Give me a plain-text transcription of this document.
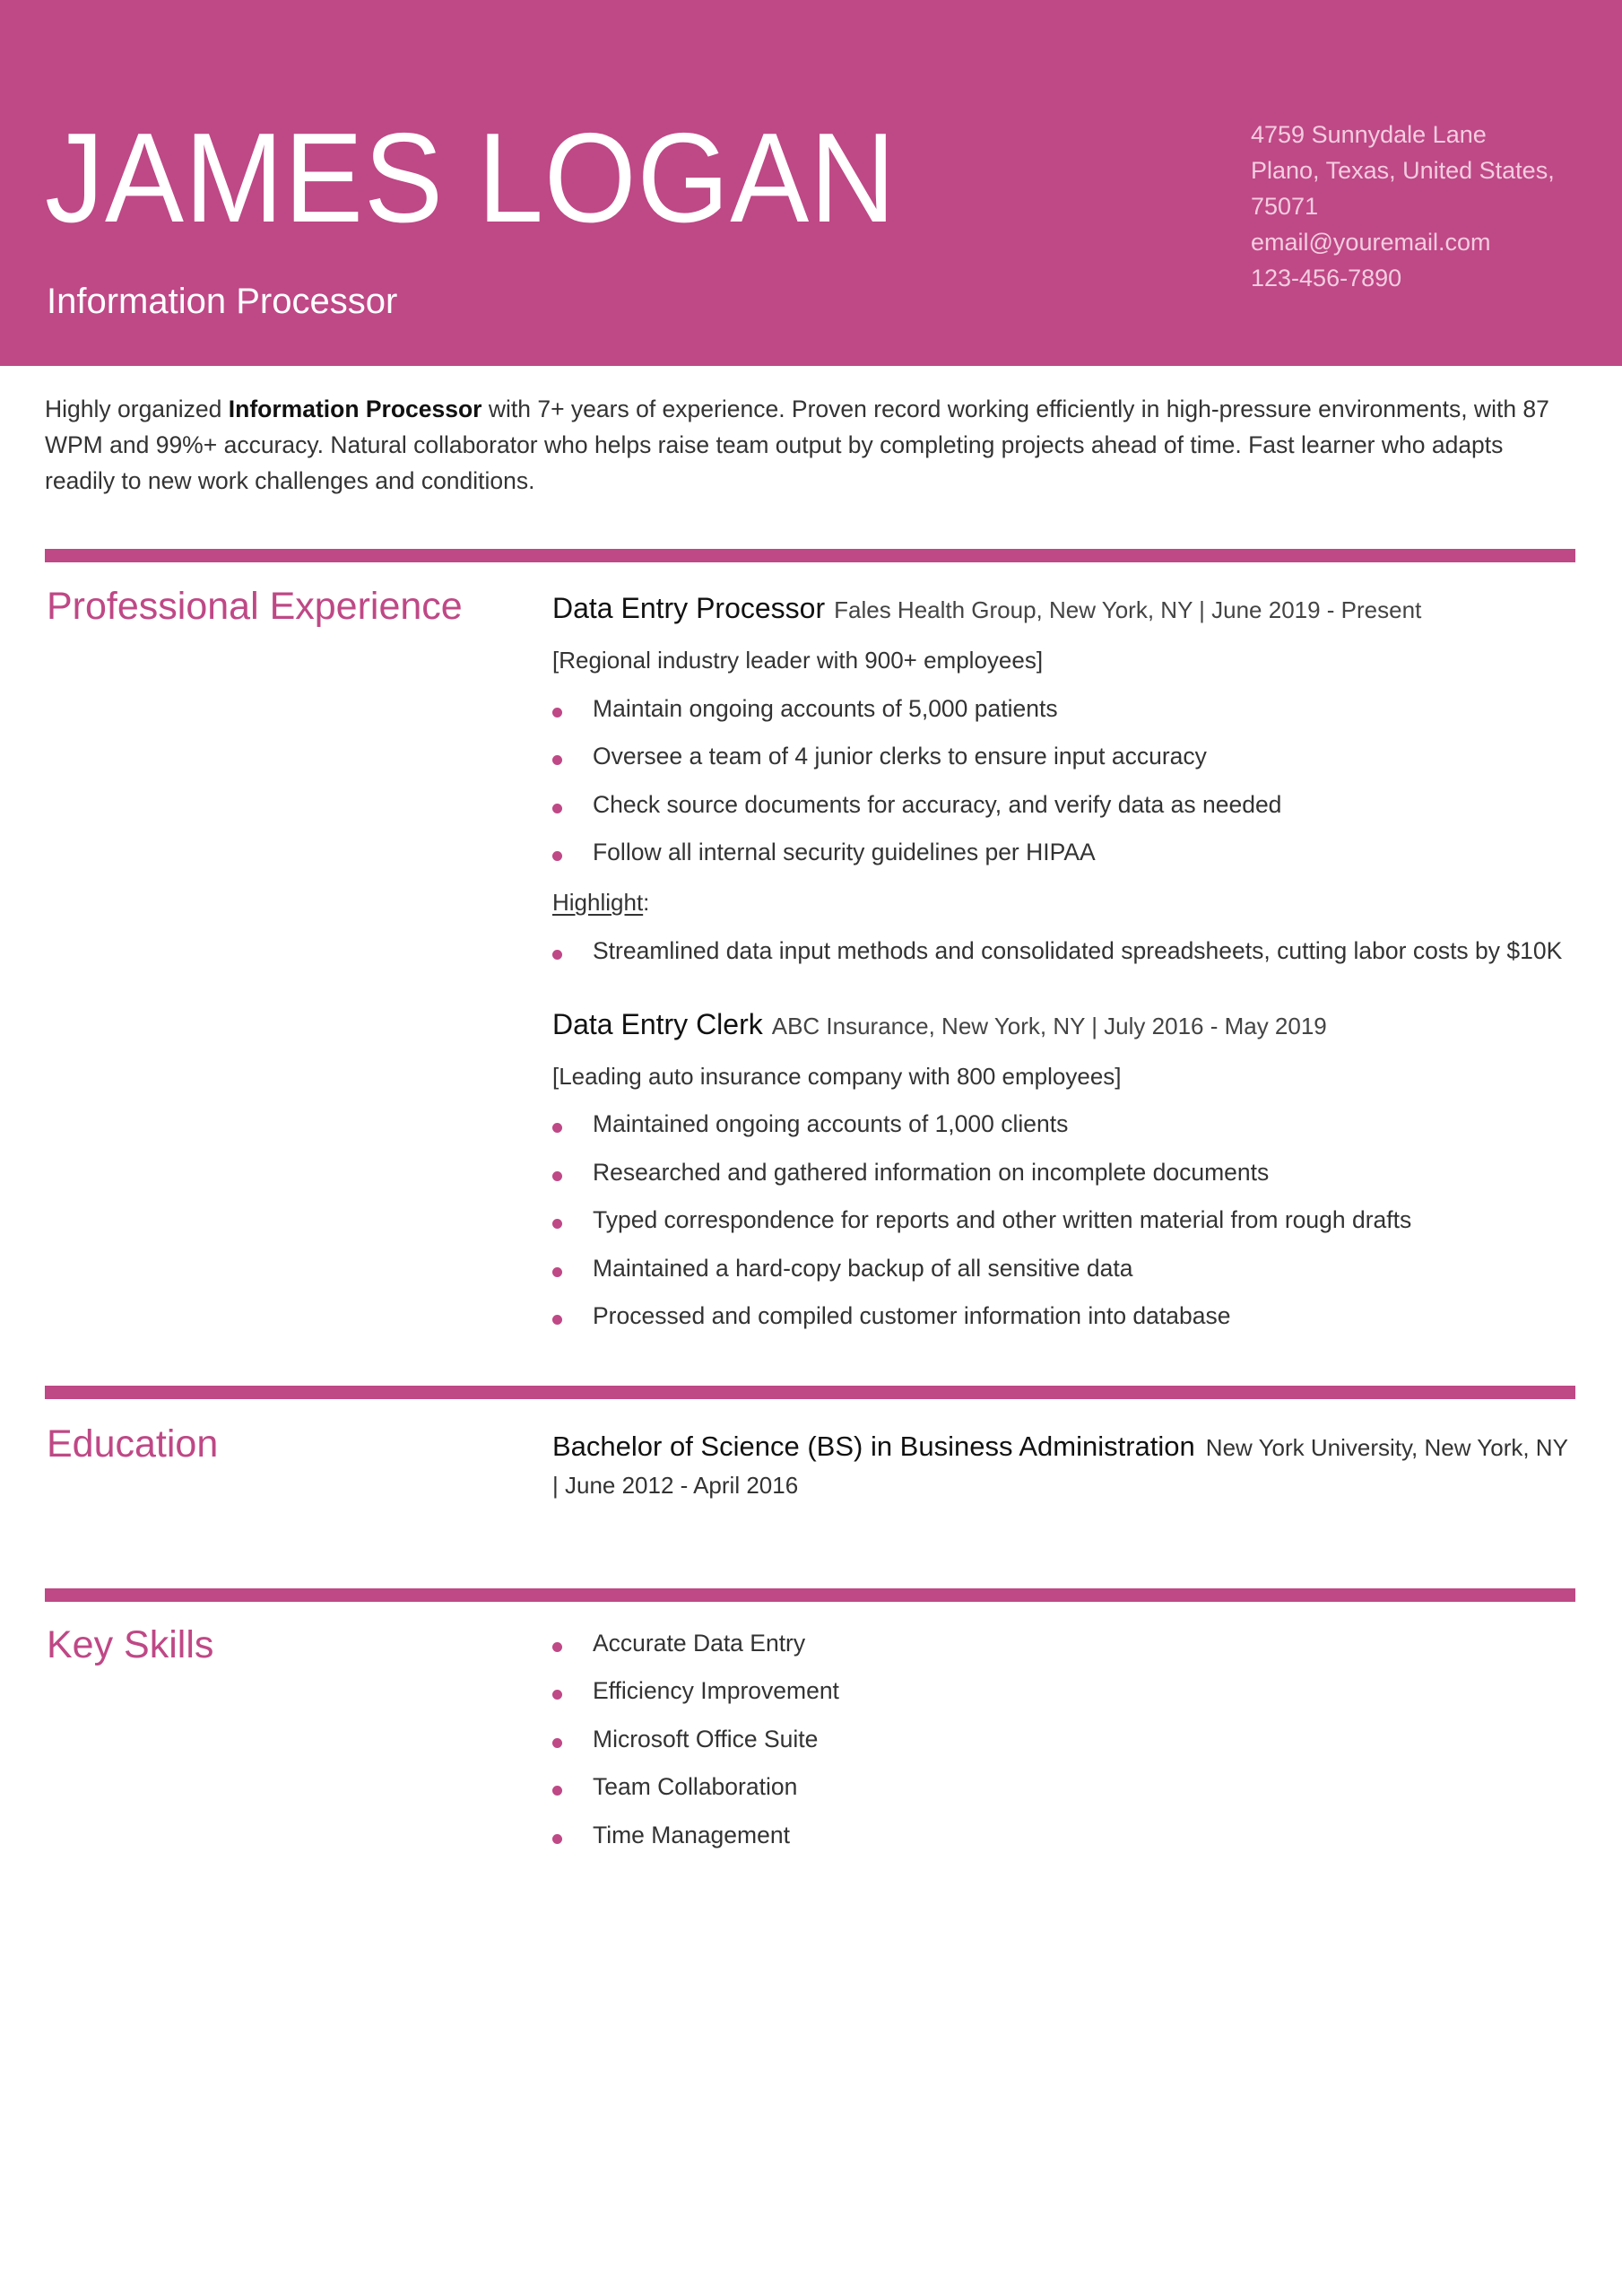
JAMES LOGAN
Information Processor
4759 Sunnydale Lane
Plano, Texas, United States,
75071
email@youremail.com
123-456-7890
Highly organized Information Processor with 7+ years of experience. Proven record working efficiently in high-pressure environments, with 87 WPM and 99%+ accuracy. Natural collaborator who helps raise team output by completing projects ahead of time. Fast learner who adapts readily to new work challenges and conditions.
Professional Experience	Data Entry Processor Fales Health Group, New York, NY | June 2019 - Present
[Regional industry leader with 900+ employees]
Maintain ongoing accounts of 5,000 patients
Oversee a team of 4 junior clerks to ensure input accuracy
Check source documents for accuracy, and verify data as needed
Follow all internal security guidelines per HIPAA
Highlight:
Streamlined data input methods and consolidated spreadsheets, cutting labor costs by $10K
Data Entry Clerk ABC Insurance, New York, NY | July 2016 - May 2019
[Leading auto insurance company with 800 employees]
Maintained ongoing accounts of 1,000 clients
Researched and gathered information on incomplete documents
Typed correspondence for reports and other written material from rough drafts
Maintained a hard-copy backup of all sensitive data
Processed and compiled customer information into database
Education	Bachelor of Science (BS) in Business Administration New York University, New York, NY | June 2012 - April 2016
Key Skills	Accurate Data Entry
Efficiency Improvement
Microsoft Office Suite
Team Collaboration
Time Management
